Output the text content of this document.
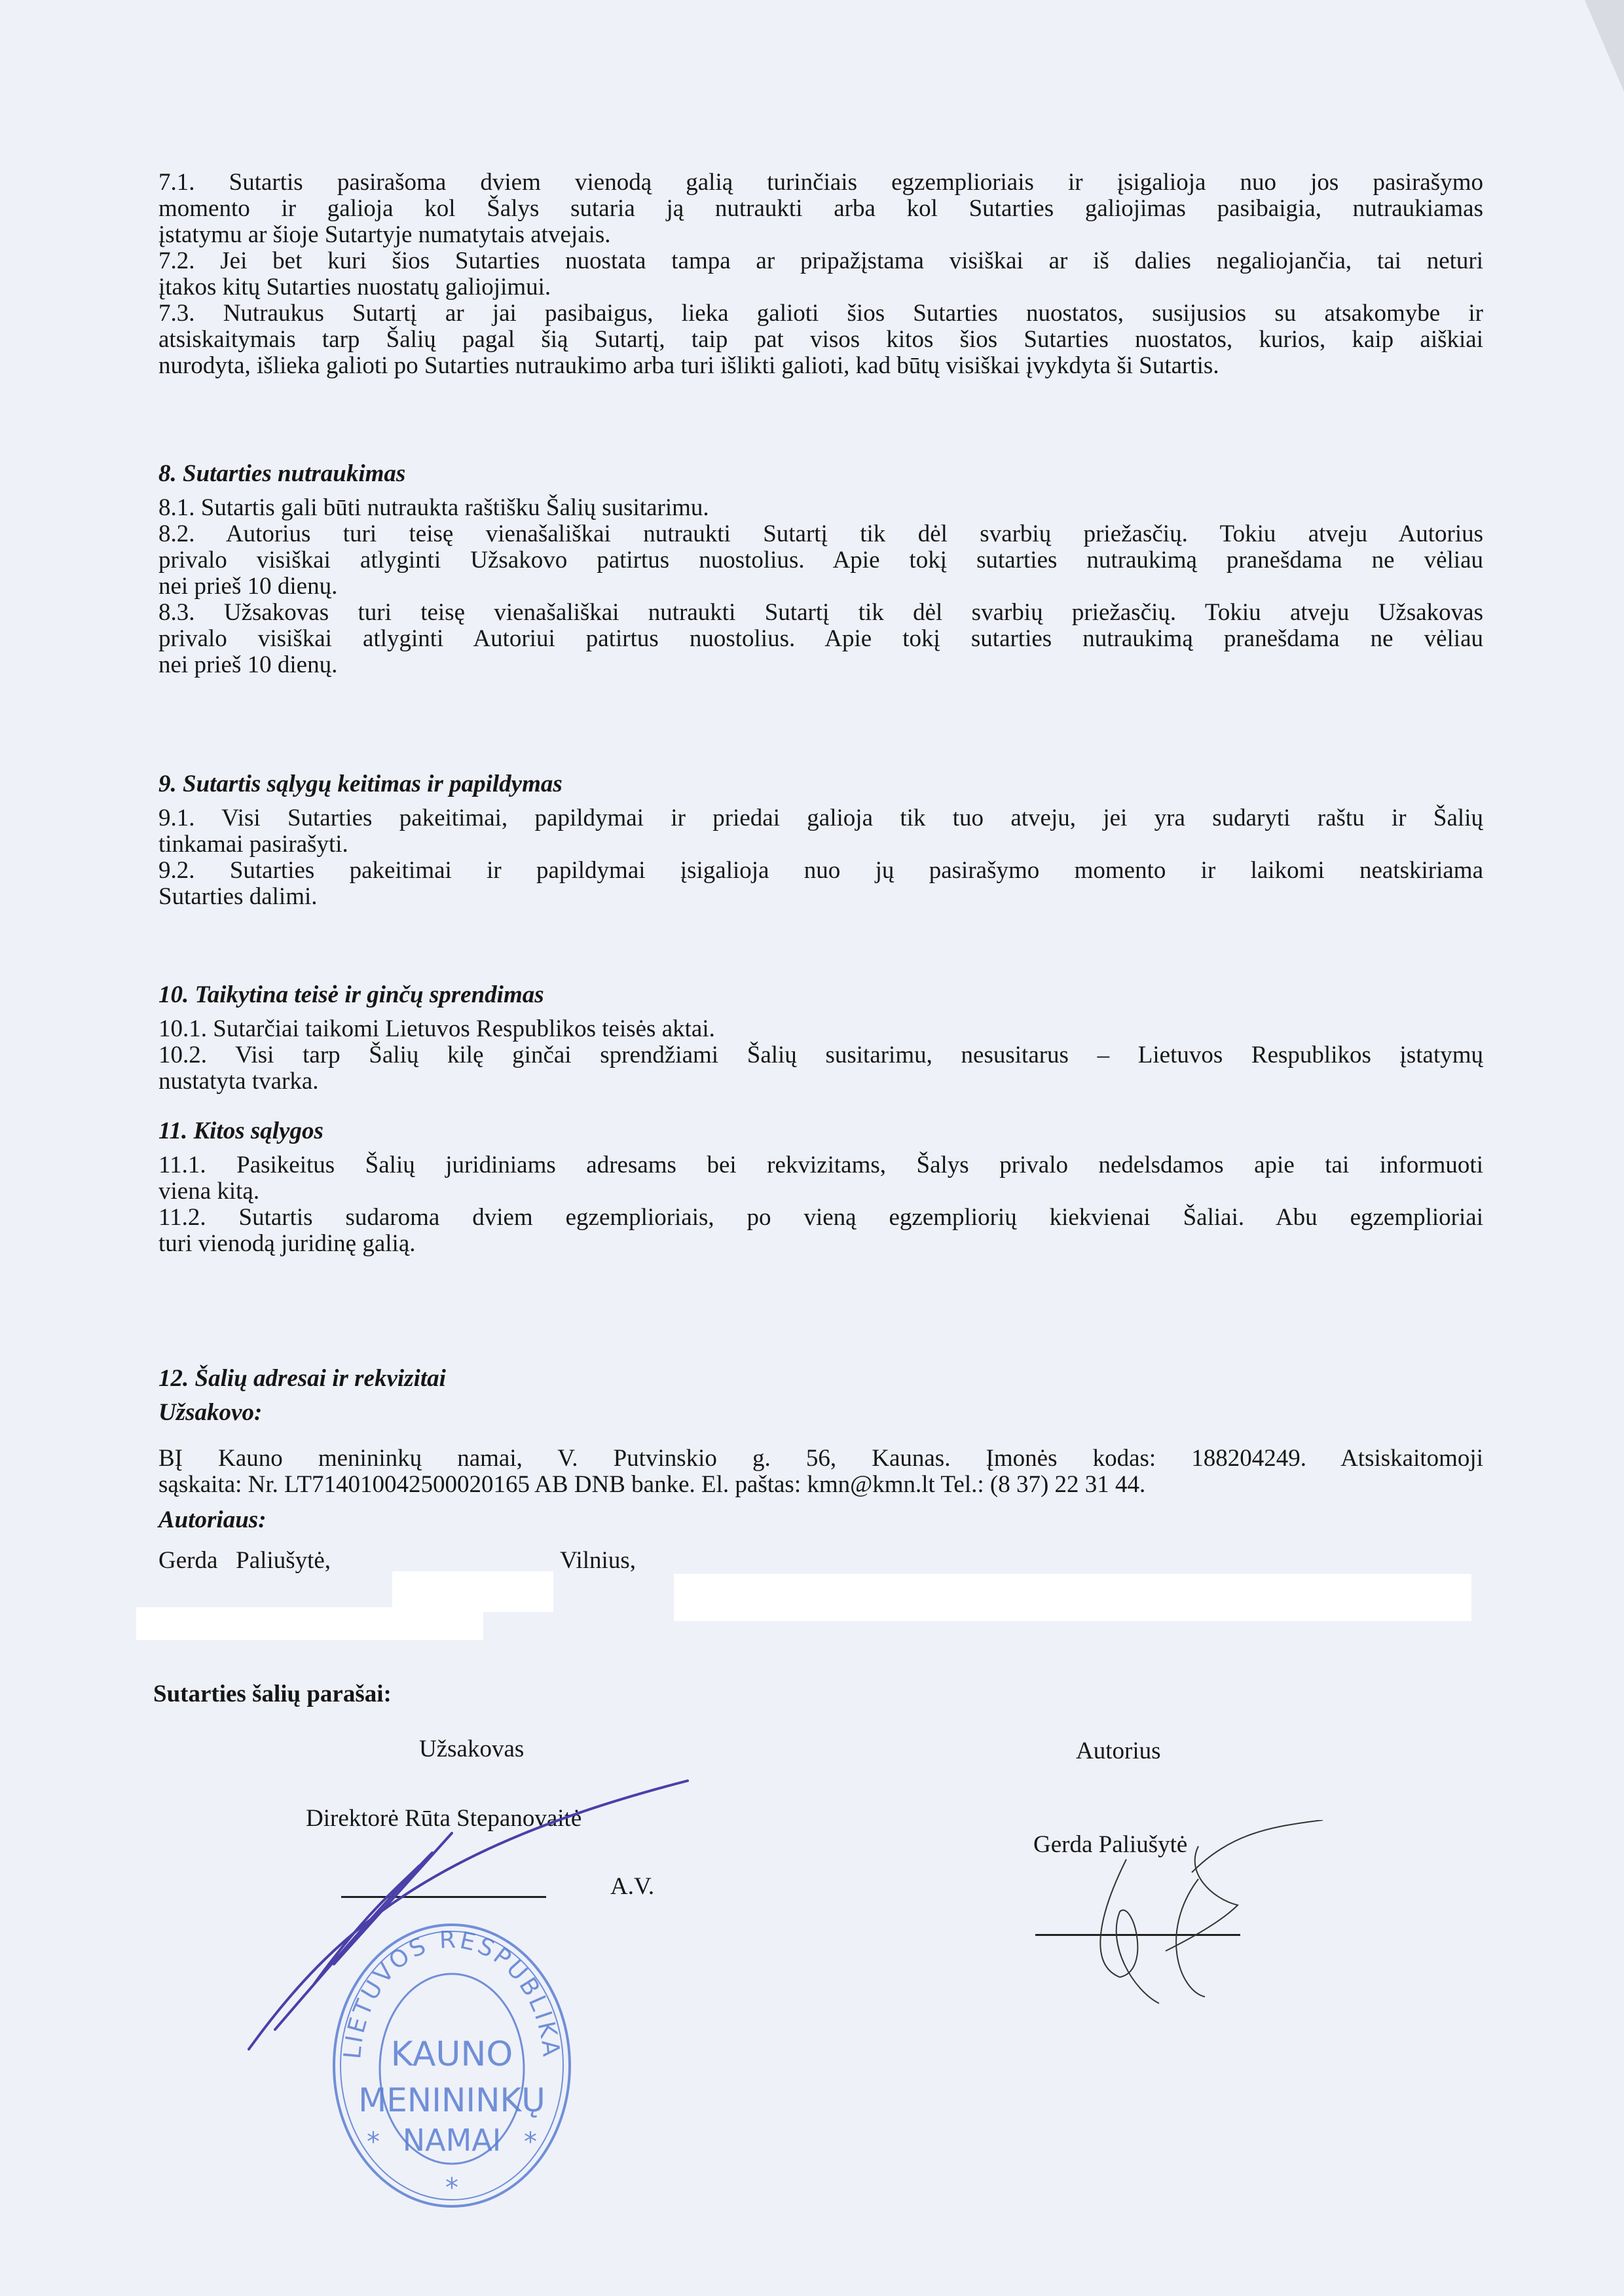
7.1. Sutartis pasirašoma dviem vienodą galią turinčiais egzemplioriais ir įsigalioja nuo jos pasirašymo
momento ir galioja kol Šalys sutaria ją nutraukti arba kol Sutarties galiojimas pasibaigia, nutraukiamas
įstatymu ar šioje Sutartyje numatytais atvejais.
7.2. Jei bet kuri šios Sutarties nuostata tampa ar pripažįstama visiškai ar iš dalies negaliojančia, tai neturi
įtakos kitų Sutarties nuostatų galiojimui.
7.3. Nutraukus Sutartį ar jai pasibaigus, lieka galioti šios Sutarties nuostatos, susijusios su atsakomybe ir
atsiskaitymais tarp Šalių pagal šią Sutartį, taip pat visos kitos šios Sutarties nuostatos, kurios, kaip aiškiai
nurodyta, išlieka galioti po Sutarties nutraukimo arba turi išlikti galioti, kad būtų visiškai įvykdyta ši Sutartis.
8. Sutarties nutraukimas
8.1. Sutartis gali būti nutraukta raštišku Šalių susitarimu.
8.2. Autorius turi teisę vienašališkai nutraukti Sutartį tik dėl svarbių priežasčių. Tokiu atveju Autorius
privalo visiškai atlyginti Užsakovo patirtus nuostolius. Apie tokį sutarties nutraukimą pranešdama ne vėliau
nei prieš 10 dienų.
8.3. Užsakovas turi teisę vienašališkai nutraukti Sutartį tik dėl svarbių priežasčių. Tokiu atveju Užsakovas
privalo visiškai atlyginti Autoriui patirtus nuostolius. Apie tokį sutarties nutraukimą pranešdama ne vėliau
nei prieš 10 dienų.
9. Sutartis sąlygų keitimas ir papildymas
9.1. Visi Sutarties pakeitimai, papildymai ir priedai galioja tik tuo atveju, jei yra sudaryti raštu ir Šalių
tinkamai pasirašyti.
9.2. Sutarties pakeitimai ir papildymai įsigalioja nuo jų pasirašymo momento ir laikomi neatskiriama
Sutarties dalimi.
10. Taikytina teisė ir ginčų sprendimas
10.1. Sutarčiai taikomi Lietuvos Respublikos teisės aktai.
10.2. Visi tarp Šalių kilę ginčai sprendžiami Šalių susitarimu, nesusitarus – Lietuvos Respublikos įstatymų
nustatyta tvarka.
11. Kitos sąlygos
11.1. Pasikeitus Šalių juridiniams adresams bei rekvizitams, Šalys privalo nedelsdamos apie tai informuoti
viena kitą.
11.2. Sutartis sudaroma dviem egzemplioriais, po vieną egzempliorių kiekvienai Šaliai. Abu egzemplioriai
turi vienodą juridinę galią.
12. Šalių adresai ir rekvizitai
Užsakovo:
BĮ Kauno menininkų namai, V. Putvinskio g. 56, Kaunas. Įmonės kodas: 188204249. Atsiskaitomoji
sąskaita: Nr. LT714010042500020165 AB DNB banke. El. paštas: kmn@kmn.lt Tel.: (8 37) 22 31 44.
Autoriaus:
Gerda   Paliušytė,	Vilnius,
Sutarties šalių parašai:
LIETUVOS RESPUBLIKA
KAUNO
MENININKŲ
NAMAI
*	*
*
Užsakovas	Autorius
Direktorė Rūta Stepanovaitė
Gerda Paliušytė
A.V.
